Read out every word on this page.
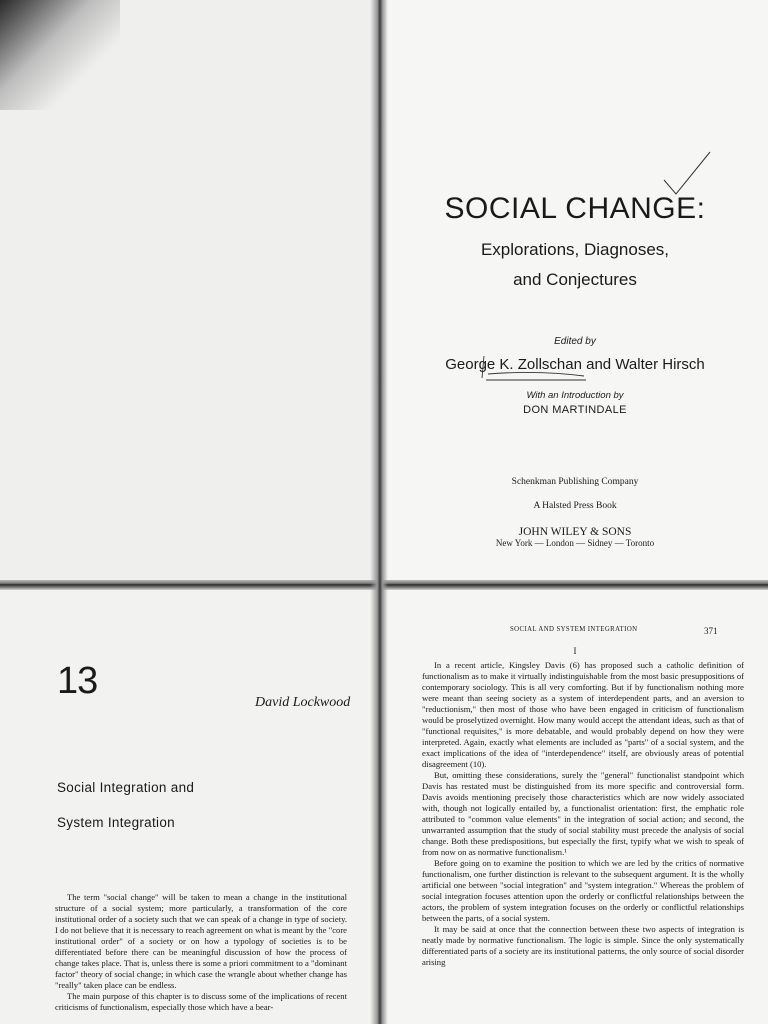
SOCIAL CHANGE:
Explorations, Diagnoses,
and Conjectures
Edited by
George K. Zollschan and Walter Hirsch
With an Introduction by
DON MARTINDALE
Schenkman Publishing Company
A Halsted Press Book
JOHN WILEY & SONS
New York — London — Sidney — Toronto
13
David Lockwood
Social Integration and
System Integration

The term "social change" will be taken to mean a change in the institutional structure of a social system; more particularly, a transformation of the core institutional order of a society such that we can speak of a change in type of society. I do not believe that it is necessary to reach agreement on what is meant by the "core institutional order" of a society or on how a typology of societies is to be differentiated before there can be meaningful discussion of how the process of change takes place. That is, unless there is some a priori commitment to a "dominant factor" theory of social change; in which case the wrangle about whether change has "really" taken place can be endless.

The main purpose of this chapter is to discuss some of the implications of recent criticisms of functionalism, especially those which have a bear-

SOCIAL AND SYSTEM INTEGRATION	371
I

In a recent article, Kingsley Davis (6) has proposed such a catholic definition of functionalism as to make it virtually indistinguishable from the most basic presuppositions of contemporary sociology. This is all very comforting. But if by functionalism nothing more were meant than seeing society as a system of interdependent parts, and an aversion to "reductionism," then most of those who have been engaged in criticism of functionalism would be proselytized overnight. How many would accept the attendant ideas, such as that of "functional requisites," is more debatable, and would probably depend on how they were interpreted. Again, exactly what elements are included as "parts" of a social system, and the exact implications of the idea of "interdependence" itself, are obviously areas of potential disagreement (10).

But, omitting these considerations, surely the "general" functionalist standpoint which Davis has restated must be distinguished from its more specific and controversial form. Davis avoids mentioning precisely those characteristics which are now widely associated with, though not logically entailed by, a functionalist orientation: first, the emphatic role attributed to "common value elements" in the integration of social action; and second, the unwarranted assumption that the study of social stability must precede the analysis of social change. Both these predispositions, but especially the first, typify what we wish to speak of from now on as normative functionalism.¹

Before going on to examine the position to which we are led by the critics of normative functionalism, one further distinction is relevant to the subsequent argument. It is the wholly artificial one between "social integration" and "system integration." Whereas the problem of social integration focuses attention upon the orderly or conflictful relationships between the actors, the problem of system integration focuses on the orderly or conflictful relationships between the parts, of a social system.

It may be said at once that the connection between these two aspects of integration is neatly made by normative functionalism. The logic is simple. Since the only systematically differentiated parts of a society are its institutional patterns, the only source of social disorder arising
